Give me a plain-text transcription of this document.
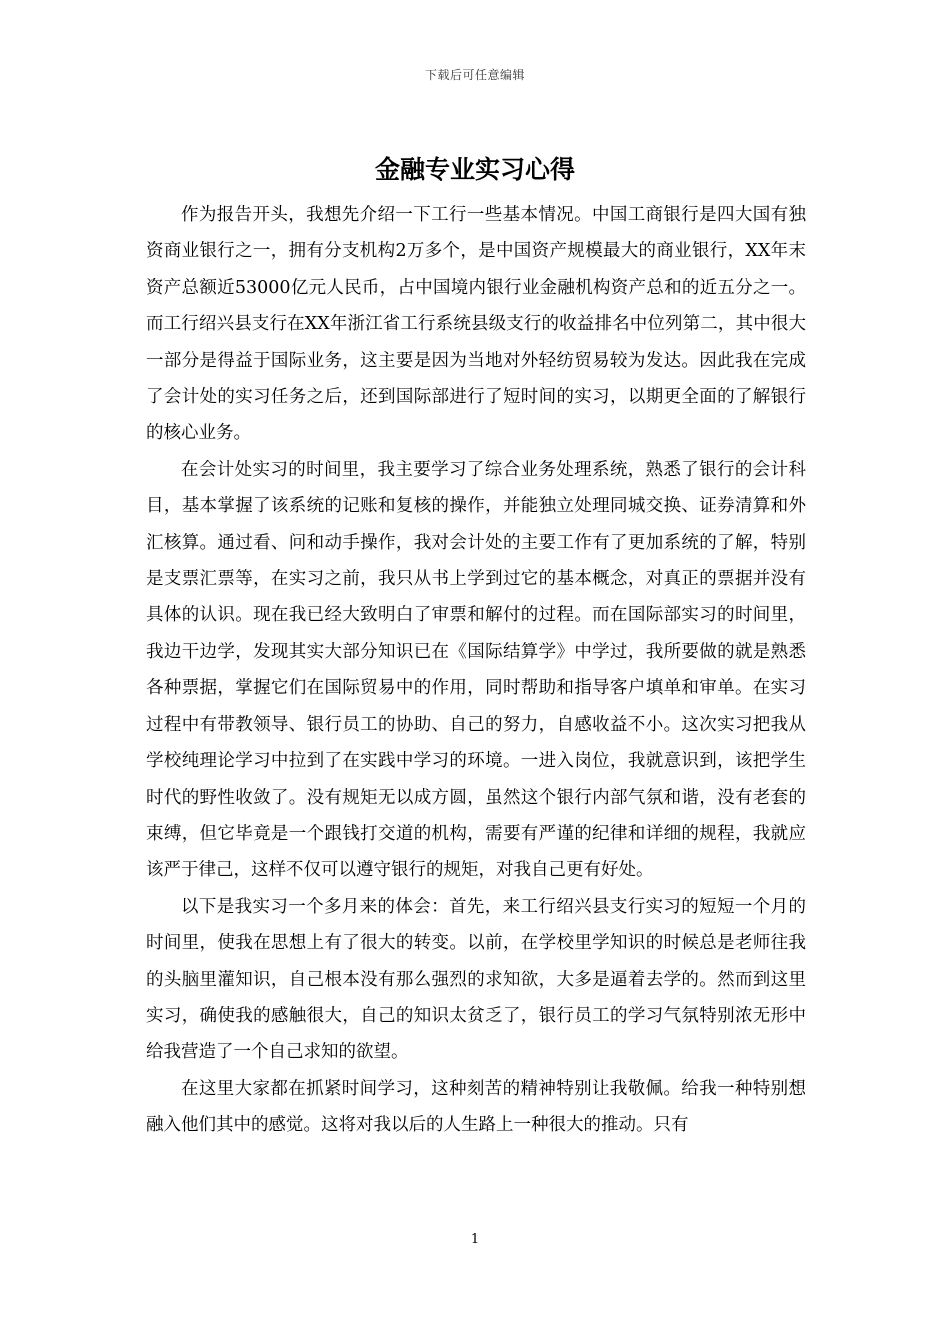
下载后可任意编辑
金融专业实习心得

作为报告开头，我想先介绍一下工行一些基本情况。中国工商银行是四大国有独资商业银行之一，拥有分支机构2万多个，是中国资产规模最大的商业银行，XX年末资产总额近53000亿元人民币，占中国境内银行业金融机构资产总和的近五分之一。而工行绍兴县支行在XX年浙江省工行系统县级支行的收益排名中位列第二，其中很大一部分是得益于国际业务，这主要是因为当地对外轻纺贸易较为发达。因此我在完成了会计处的实习任务之后，还到国际部进行了短时间的实习，以期更全面的了解银行的核心业务。

在会计处实习的时间里，我主要学习了综合业务处理系统，熟悉了银行的会计科目，基本掌握了该系统的记账和复核的操作，并能独立处理同城交换、证券清算和外汇核算。通过看、问和动手操作，我对会计处的主要工作有了更加系统的了解，特别是支票汇票等，在实习之前，我只从书上学到过它的基本概念，对真正的票据并没有具体的认识。现在我已经大致明白了审票和解付的过程。而在国际部实习的时间里，我边干边学，发现其实大部分知识已在《国际结算学》中学过，我所要做的就是熟悉各种票据，掌握它们在国际贸易中的作用，同时帮助和指导客户填单和审单。在实习过程中有带教领导、银行员工的协助、自己的努力，自感收益不小。这次实习把我从学校纯理论学习中拉到了在实践中学习的环境。一进入岗位，我就意识到，该把学生时代的野性收敛了。没有规矩无以成方圆，虽然这个银行内部气氛和谐，没有老套的束缚，但它毕竟是一个跟钱打交道的机构，需要有严谨的纪律和详细的规程，我就应该严于律己，这样不仅可以遵守银行的规矩，对我自己更有好处。

以下是我实习一个多月来的体会：首先，来工行绍兴县支行实习的短短一个月的时间里，使我在思想上有了很大的转变。以前，在学校里学知识的时候总是老师往我的头脑里灌知识，自己根本没有那么强烈的求知欲，大多是逼着去学的。然而到这里实习，确使我的感触很大，自己的知识太贫乏了，银行员工的学习气氛特别浓无形中给我营造了一个自己求知的欲望。

在这里大家都在抓紧时间学习，这种刻苦的精神特别让我敬佩。给我一种特别想融入他们其中的感觉。这将对我以后的人生路上一种很大的推动。只有

1
